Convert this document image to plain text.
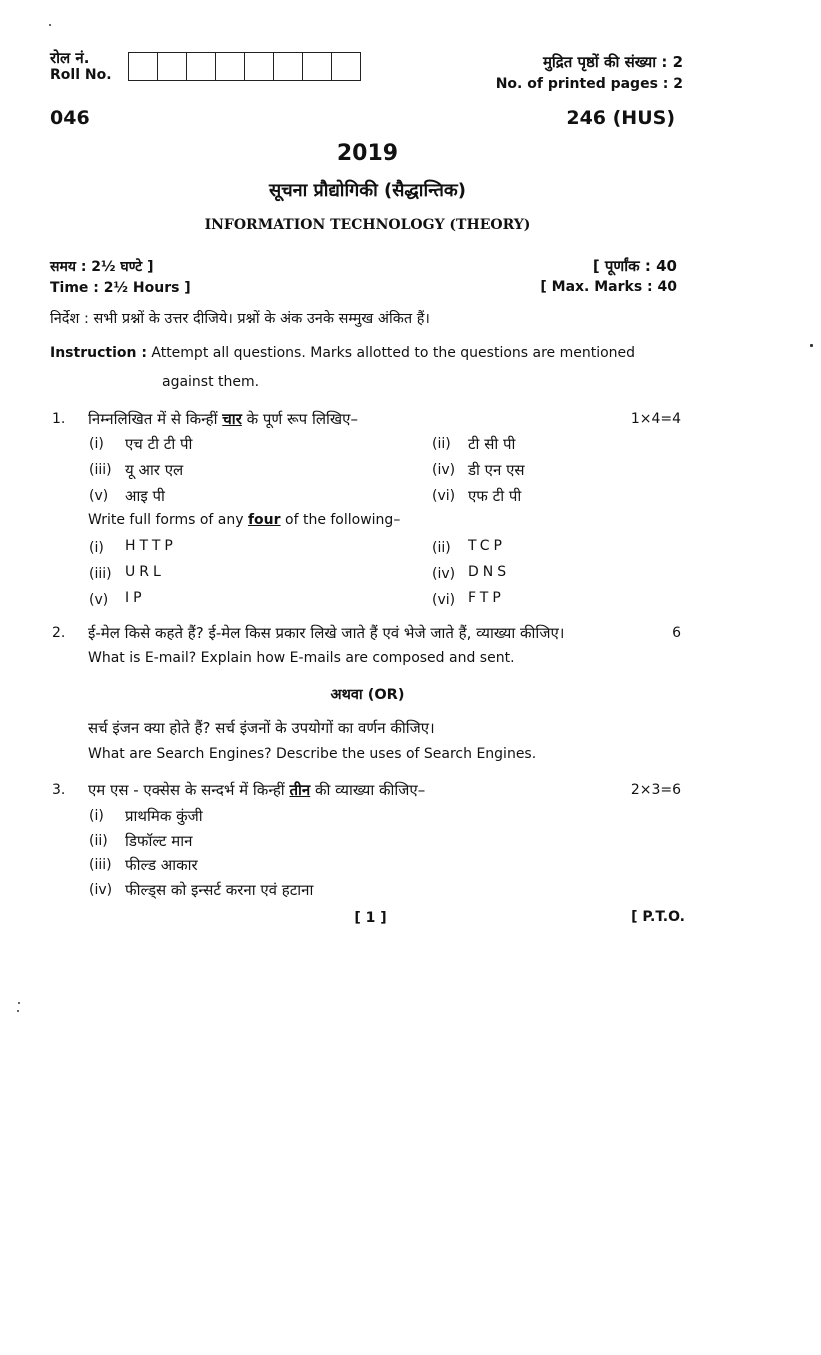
रोल नं.
Roll No.
मुद्रित पृष्ठों की संख्या : 2
No. of printed pages : 2
046	246 (HUS)
2019
सूचना प्रौद्योगिकी (सैद्धान्तिक)
INFORMATION TECHNOLOGY (THEORY)
समय : 2½ घण्टे ]	[ पूर्णांक : 40
Time : 2½ Hours ]	[ Max. Marks : 40
निर्देश : सभी प्रश्नों के उत्तर दीजिये। प्रश्नों के अंक उनके सम्मुख अंकित हैं।
Instruction : Attempt all questions. Marks allotted to the questions are mentioned
against them.
1. निम्नलिखित में से किन्हीं चार के पूर्ण रूप लिखिए–	1×4=4
(i) एच टी टी पी	(ii) टी सी पी
(iii) यू आर एल	(iv) डी एन एस
(v) आइ पी	(vi) एफ टी पी
Write full forms of any four of the following–
(i) HTTP	(ii) TCP
(iii) URL	(iv) DNS
(v) IP	(vi) FTP
2. ई-मेल किसे कहते हैं? ई-मेल किस प्रकार लिखे जाते हैं एवं भेजे जाते हैं, व्याख्या कीजिए।	6
What is E-mail? Explain how E-mails are composed and sent.
अथवा (OR)
सर्च इंजन क्या होते हैं? सर्च इंजनों के उपयोगों का वर्णन कीजिए।
What are Search Engines? Describe the uses of Search Engines.
3. एम एस - एक्सेस के सन्दर्भ में किन्हीं तीन की व्याख्या कीजिए–	2×3=6
(i) प्राथमिक कुंजी
(ii) डिफॉल्ट मान
(iii) फील्ड आकार
(iv) फील्ड्स को इन्सर्ट करना एवं हटाना
[ 1 ]	[ P.T.O.
